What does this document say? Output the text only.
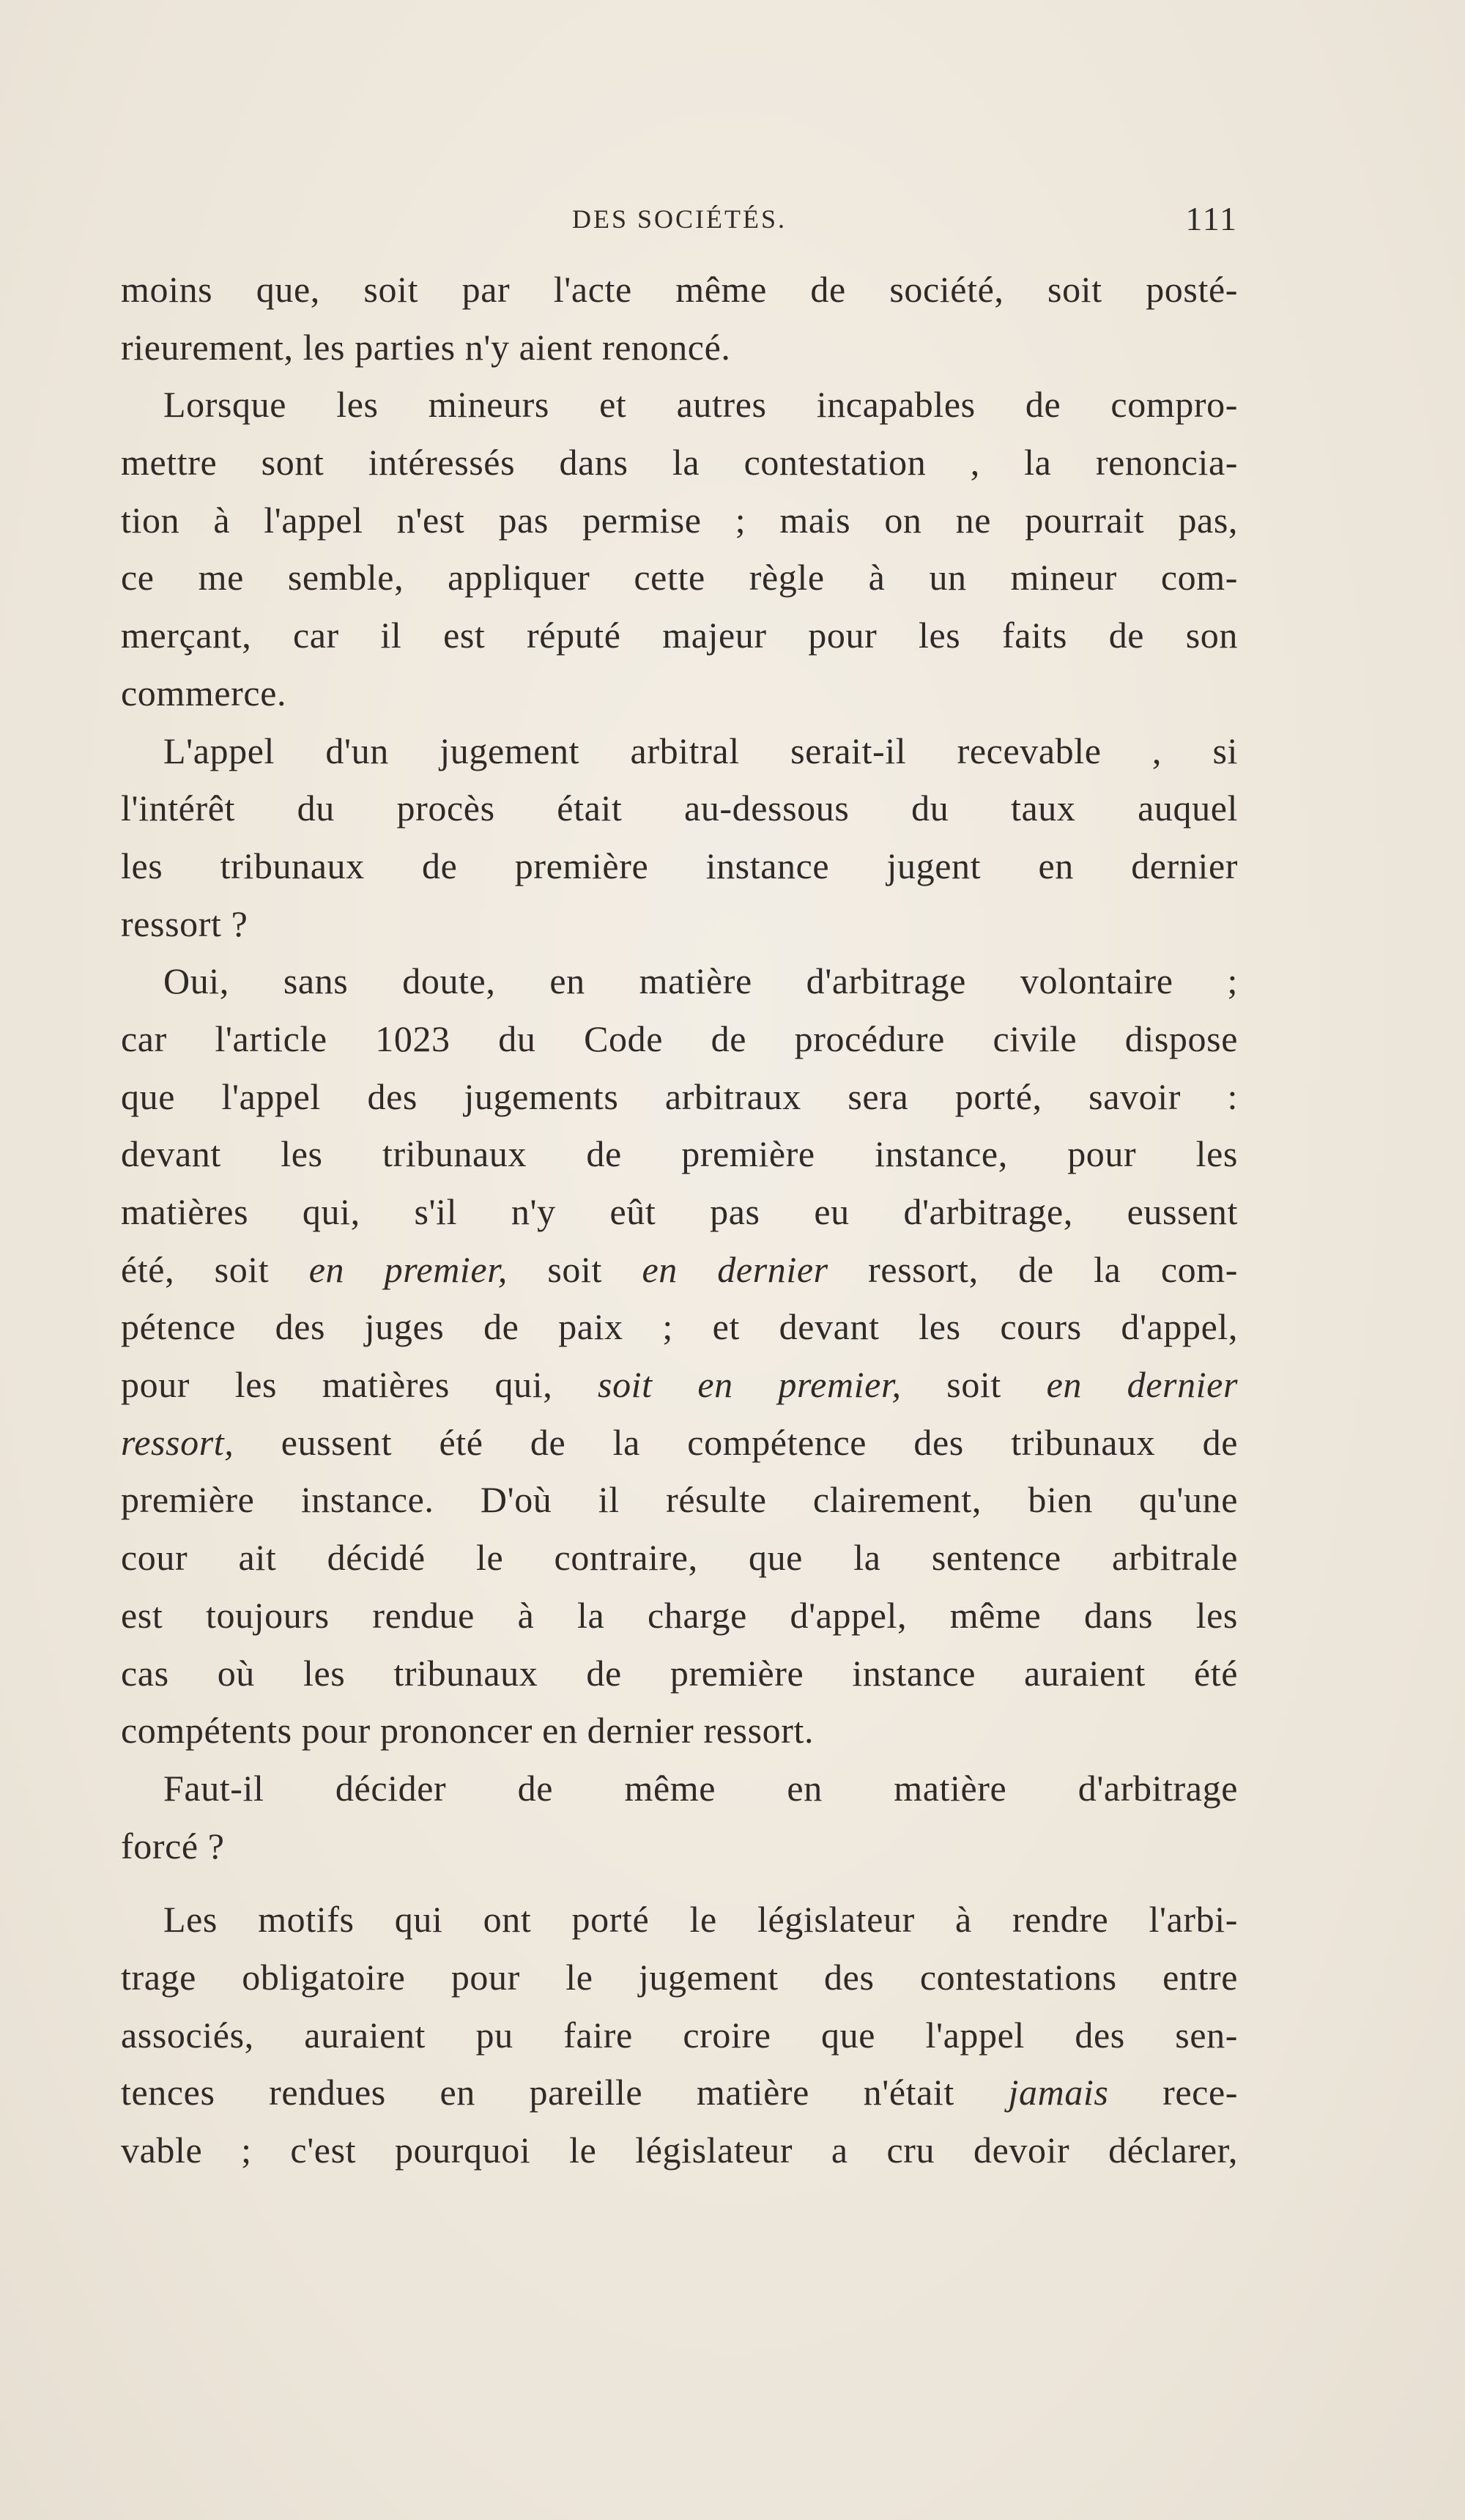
DES SOCIÉTÉS.	111
moins que, soit par l'acte même de société, soit posté-
rieurement, les parties n'y aient renoncé.
Lorsque les mineurs et autres incapables de compro-
mettre sont intéressés dans la contestation , la renoncia-
tion à l'appel n'est pas permise ; mais on ne pourrait pas,
ce me semble, appliquer cette règle à un mineur com-
merçant, car il est réputé majeur pour les faits de son
commerce.
L'appel d'un jugement arbitral serait-il recevable , si
l'intérêt du procès était au-dessous du taux auquel
les tribunaux de première instance jugent en dernier
ressort ?
Oui, sans doute, en matière d'arbitrage volontaire ;
car l'article 1023 du Code de procédure civile dispose
que l'appel des jugements arbitraux sera porté, savoir :
devant les tribunaux de première instance, pour les
matières qui, s'il n'y eût pas eu d'arbitrage, eussent
été, soit en premier, soit en dernier ressort, de la com-
pétence des juges de paix ; et devant les cours d'appel,
pour les matières qui, soit en premier, soit en dernier
ressort, eussent été de la compétence des tribunaux de
première instance. D'où il résulte clairement, bien qu'une
cour ait décidé le contraire, que la sentence arbitrale
est toujours rendue à la charge d'appel, même dans les
cas où les tribunaux de première instance auraient été
compétents pour prononcer en dernier ressort.
Faut-il décider de même en matière d'arbitrage
forcé ?
Les motifs qui ont porté le législateur à rendre l'arbi-
trage obligatoire pour le jugement des contestations entre
associés, auraient pu faire croire que l'appel des sen-
tences rendues en pareille matière n'était jamais rece-
vable ; c'est pourquoi le législateur a cru devoir déclarer,
